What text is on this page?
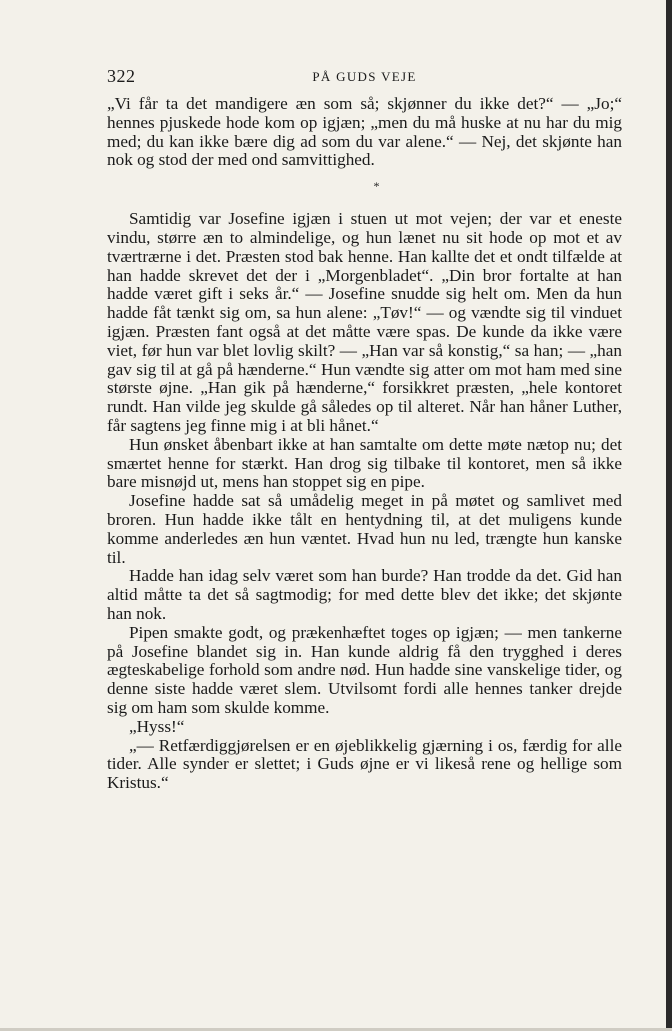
322	PÅ GUDS VEJE

„Vi får ta det mandigere æn som så; skjønner du ikke det?“ — „Jo;“ hennes pjuskede hode kom op igjæn; „men du må huske at nu har du mig med; du kan ikke bære dig ad som du var alene.“ — Nej, det skjønte han nok og stod der med ond samvittighed.

*

Samtidig var Josefine igjæn i stuen ut mot vejen; der var et eneste vindu, større æn to almindelige, og hun lænet nu sit hode op mot et av tværtrærne i det. Præsten stod bak henne. Han kallte det et ondt tilfælde at han hadde skrevet det der i „Morgenbladet“. „Din bror fortalte at han hadde været gift i seks år.“ — Josefine snudde sig helt om. Men da hun hadde fåt tænkt sig om, sa hun alene: „Tøv!“ — og vændte sig til vinduet igjæn. Præsten fant også at det måtte være spas. De kunde da ikke være viet, før hun var blet lovlig skilt? — „Han var så konstig,“ sa han; — „han gav sig til at gå på hænderne.“ Hun vændte sig atter om mot ham med sine største øjne. „Han gik på hænderne,“ forsikkret præsten, „hele kontoret rundt. Han vilde jeg skulde gå således op til alteret. Når han håner Luther, får sagtens jeg finne mig i at bli hånet.“

Hun ønsket åbenbart ikke at han samtalte om dette møte nætop nu; det smærtet henne for stærkt. Han drog sig tilbake til kontoret, men så ikke bare misnøjd ut, mens han stoppet sig en pipe.

Josefine hadde sat så umådelig meget in på møtet og samlivet med broren. Hun hadde ikke tålt en hentydning til, at det muligens kunde komme anderledes æn hun væntet. Hvad hun nu led, trængte hun kanske til.

Hadde han idag selv været som han burde? Han trodde da det. Gid han altid måtte ta det så sagtmodig; for med dette blev det ikke; det skjønte han nok.

Pipen smakte godt, og prækenhæftet toges op igjæn; — men tankerne på Josefine blandet sig in. Han kunde aldrig få den trygghed i deres ægteskabelige forhold som andre nød. Hun hadde sine vanskelige tider, og denne siste hadde været slem. Utvilsomt fordi alle hennes tanker drejde sig om ham som skulde komme.

„Hyss!“

„— Retfærdiggjørelsen er en øjeblikkelig gjærning i os, færdig for alle tider. Alle synder er slettet; i Guds øjne er vi likeså rene og hellige som Kristus.“
